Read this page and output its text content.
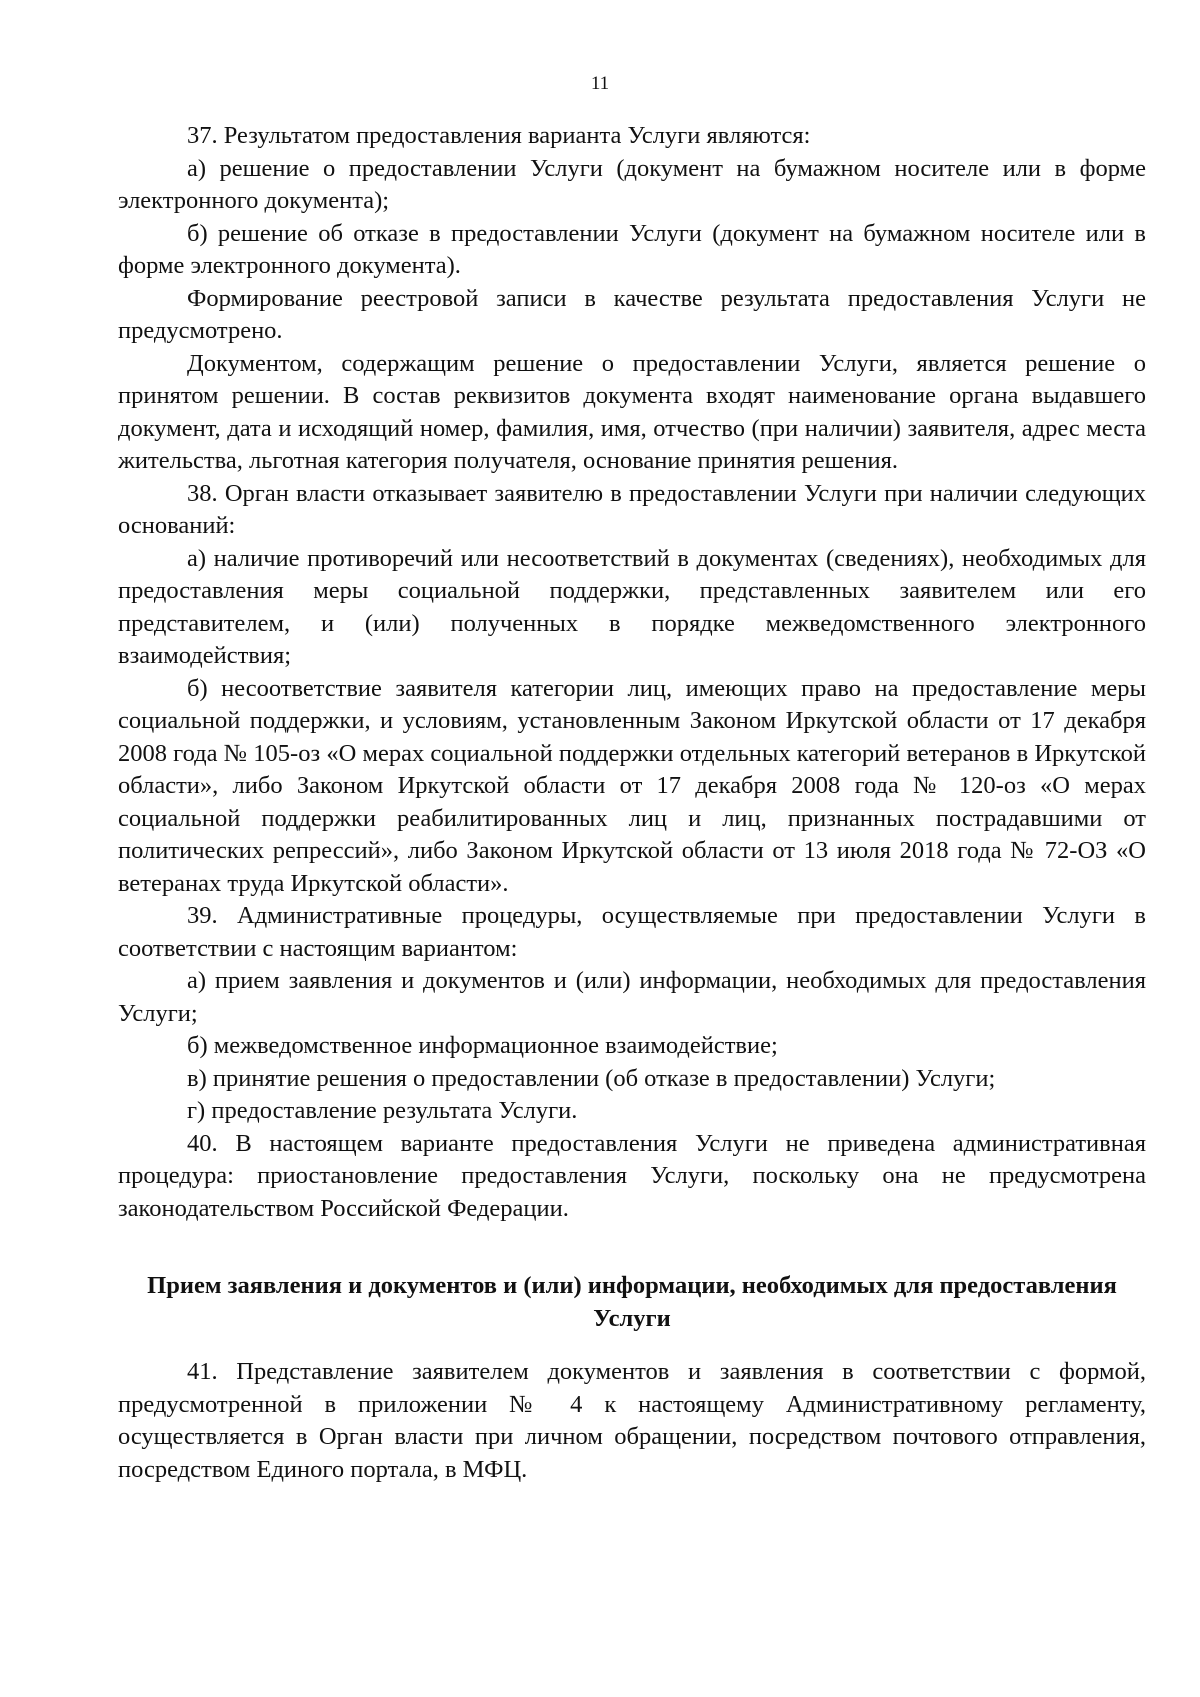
11

37. Результатом предоставления варианта Услуги являются:

а) решение о предоставлении Услуги (документ на бумажном носителе или в форме электронного документа);

б) решение об отказе в предоставлении Услуги (документ на бумажном носителе или в форме электронного документа).

Формирование реестровой записи в качестве результата предоставления Услуги не предусмотрено.

Документом, содержащим решение о предоставлении Услуги, является решение о принятом решении. В состав реквизитов документа входят наименование органа выдавшего документ, дата и исходящий номер, фамилия, имя, отчество (при наличии) заявителя, адрес места жительства, льготная категория получателя, основание принятия решения.

38. Орган власти отказывает заявителю в предоставлении Услуги при наличии следующих оснований:

а) наличие противоречий или несоответствий в документах (сведениях), необходимых для предоставления меры социальной поддержки, представленных заявителем или его представителем, и (или) полученных в порядке межведомственного электронного взаимодействия;

б) несоответствие заявителя категории лиц, имеющих право на предоставление меры социальной поддержки, и условиям, установленным Законом Иркутской области от 17 декабря 2008 года № 105-оз «О мерах социальной поддержки отдельных категорий ветеранов в Иркутской области», либо Законом Иркутской области от 17 декабря 2008 года № 120-оз «О мерах социальной поддержки реабилитированных лиц и лиц, признанных пострадавшими от политических репрессий», либо Законом Иркутской области от 13 июля 2018 года № 72-ОЗ «О ветеранах труда Иркутской области».

39. Административные процедуры, осуществляемые при предоставлении Услуги в соответствии с настоящим вариантом:

а) прием заявления и документов и (или) информации, необходимых для предоставления Услуги;

б) межведомственное информационное взаимодействие;

в) принятие решения о предоставлении (об отказе в предоставлении) Услуги;

г) предоставление результата Услуги.

40. В настоящем варианте предоставления Услуги не приведена административная процедура: приостановление предоставления Услуги, поскольку она не предусмотрена законодательством Российской Федерации.

Прием заявления и документов и (или) информации, необходимых для предоставления Услуги

41. Представление заявителем документов и заявления в соответствии с формой, предусмотренной в приложении № 4 к настоящему Административному регламенту, осуществляется в Орган власти при личном обращении, посредством почтового отправления, посредством Единого портала, в МФЦ.
